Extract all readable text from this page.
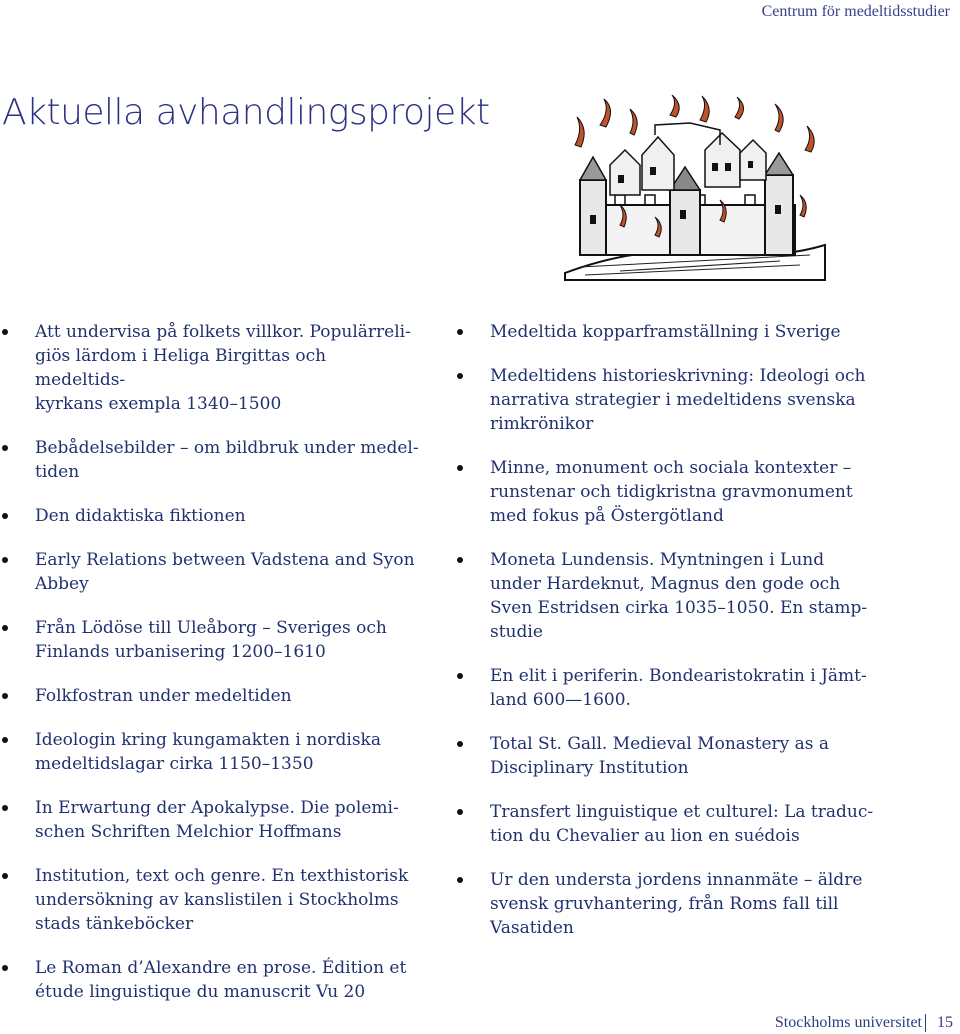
Centrum för medeltidsstudier
Aktuella avhandlingsprojekt
Att undervisa på folkets villkor. Populärreli-
giös lärdom i Heliga Birgittas och medeltids-
kyrkans exempla 1340–1500
Bebådelsebilder – om bildbruk under medel-
tiden
Den didaktiska fiktionen
Early Relations between Vadstena and Syon
Abbey
Från Lödöse till Uleåborg – Sveriges och
Finlands urbanisering 1200–1610
Folkfostran under medeltiden
Ideologin kring kungamakten i nordiska
medeltidslagar cirka 1150–1350
In Erwartung der Apokalypse. Die polemi-
schen Schriften Melchior Hoffmans
Institution, text och genre. En texthistorisk
undersökning av kanslistilen i Stockholms
stads tänkeböcker
Le Roman d’Alexandre en prose. Édition et
étude linguistique du manuscrit Vu 20
Medeltida kopparframställning i Sverige
Medeltidens historieskrivning: Ideologi och
narrativa strategier i medeltidens svenska
rimkrönikor
Minne, monument och sociala kontexter –
runstenar och tidigkristna gravmonument
med fokus på Östergötland
Moneta Lundensis. Myntningen i Lund
under Hardeknut, Magnus den gode och
Sven Estridsen cirka 1035–1050. En stamp-
studie
En elit i periferin. Bondearistokratin i Jämt-
land 600—1600.
Total St. Gall. Medieval Monastery as a
Disciplinary Institution
Transfert linguistique et culturel: La traduc-
tion du Chevalier au lion en suédois
Ur den understa jordens innanmäte – äldre
svensk gruvhantering, från Roms fall till
Vasatiden
Stockholms universitet 15
